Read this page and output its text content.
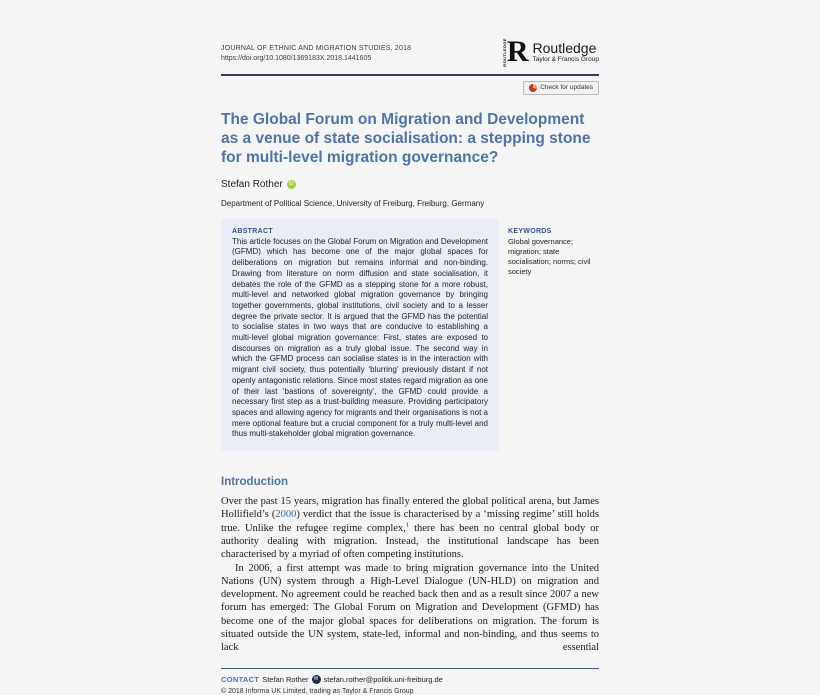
JOURNAL OF ETHNIC AND MIGRATION STUDIES, 2018
https://doi.org/10.1080/1369183X.2018.1441605	ROUTLEDGE R Routledge
Taylor & Francis Group
Check for updates
The Global Forum on Migration and Development as a venue of state socialisation: a stepping stone for multi-level migration governance?
Stefan Rother	iD
Department of Political Science, University of Freiburg, Freiburg, Germany
ABSTRACT
This article focuses on the Global Forum on Migration and Development (GFMD) which has become one of the major global spaces for deliberations on migration but remains informal and non-binding. Drawing from literature on norm diffusion and state socialisation, it debates the role of the GFMD as a stepping stone for a more robust, multi-level and networked global migration governance by bringing together governments, global institutions, civil society and to a lesser degree the private sector. It is argued that the GFMD has the potential to socialise states in two ways that are conducive to establishing a multi-level global migration governance: First, states are exposed to discourses on migration as a truly global issue. The second way in which the GFMD process can socialise states is in the interaction with migrant civil society, thus potentially ‘blurring’ previously distant if not openly antagonistic relations. Since most states regard migration as one of their last ‘bastions of sovereignty’, the GFMD could provide a necessary first step as a trust-building measure. Providing participatory spaces and allowing agency for migrants and their organisations is not a mere optional feature but a crucial component for a truly multi-level and thus multi-stakeholder global migration governance.
KEYWORDS
Global governance; migration; state socialisation; norms; civil society
Introduction

Over the past 15 years, migration has finally entered the global political arena, but James Hollifield’s (2000) verdict that the issue is characterised by a ‘missing regime’ still holds true. Unlike the refugee regime complex,$^1$ there has been no central global body or authority dealing with migration. Instead, the institutional landscape has been characterised by a myriad of often competing institutions.

In 2006, a first attempt was made to bring migration governance into the United Nations (UN) system through a High-Level Dialogue (UN-HLD) on migration and development. No agreement could be reached back then and as a result since 2007 a new forum has emerged: The Global Forum on Migration and Development (GFMD) has become one of the major global spaces for deliberations on migration. The forum is situated outside the UN system, state-led, informal and non-binding, and thus seems to lack essential

CONTACT Stefan Rother ✉ stefan.rother@politik.uni-freiburg.de
© 2018 Informa UK Limited, trading as Taylor & Francis Group
